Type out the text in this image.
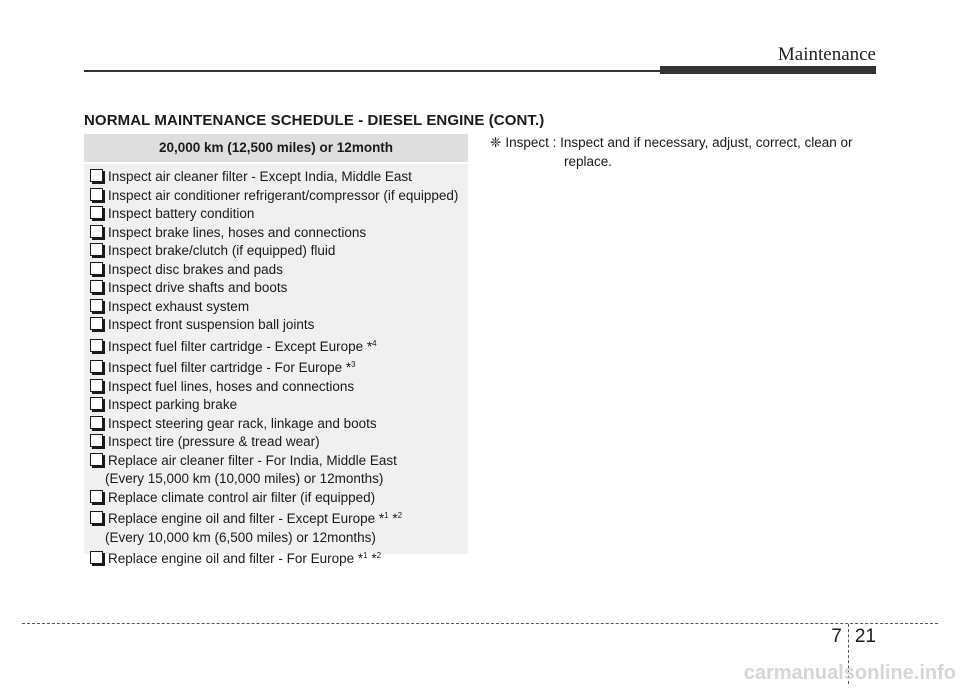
Maintenance
NORMAL MAINTENANCE SCHEDULE - DIESEL ENGINE (CONT.)
20,000 km (12,500 miles) or 12month
Inspect air cleaner filter - Except India, Middle East
Inspect air conditioner refrigerant/compressor (if equipped)
Inspect battery condition
Inspect brake lines, hoses and connections
Inspect brake/clutch (if equipped) fluid
Inspect disc brakes and pads
Inspect drive shafts and boots
Inspect exhaust system
Inspect front suspension ball joints
Inspect fuel filter cartridge - Except Europe *$^4$
Inspect fuel filter cartridge - For Europe *$^3$
Inspect fuel lines, hoses and connections
Inspect parking brake
Inspect steering gear rack, linkage and boots
Inspect tire (pressure & tread wear)
Replace air cleaner filter - For India, Middle East
(Every 15,000 km (10,000 miles) or 12months)
Replace climate control air filter (if equipped)
Replace engine oil and filter - Except Europe *$^1$ *$^2$
(Every 10,000 km (6,500 miles) or 12months)
Replace engine oil and filter - For Europe *$^1$ *$^2$
❈ Inspect : Inspect and if necessary, adjust, correct, clean or
replace.
7 21
carmanualsonline.info
